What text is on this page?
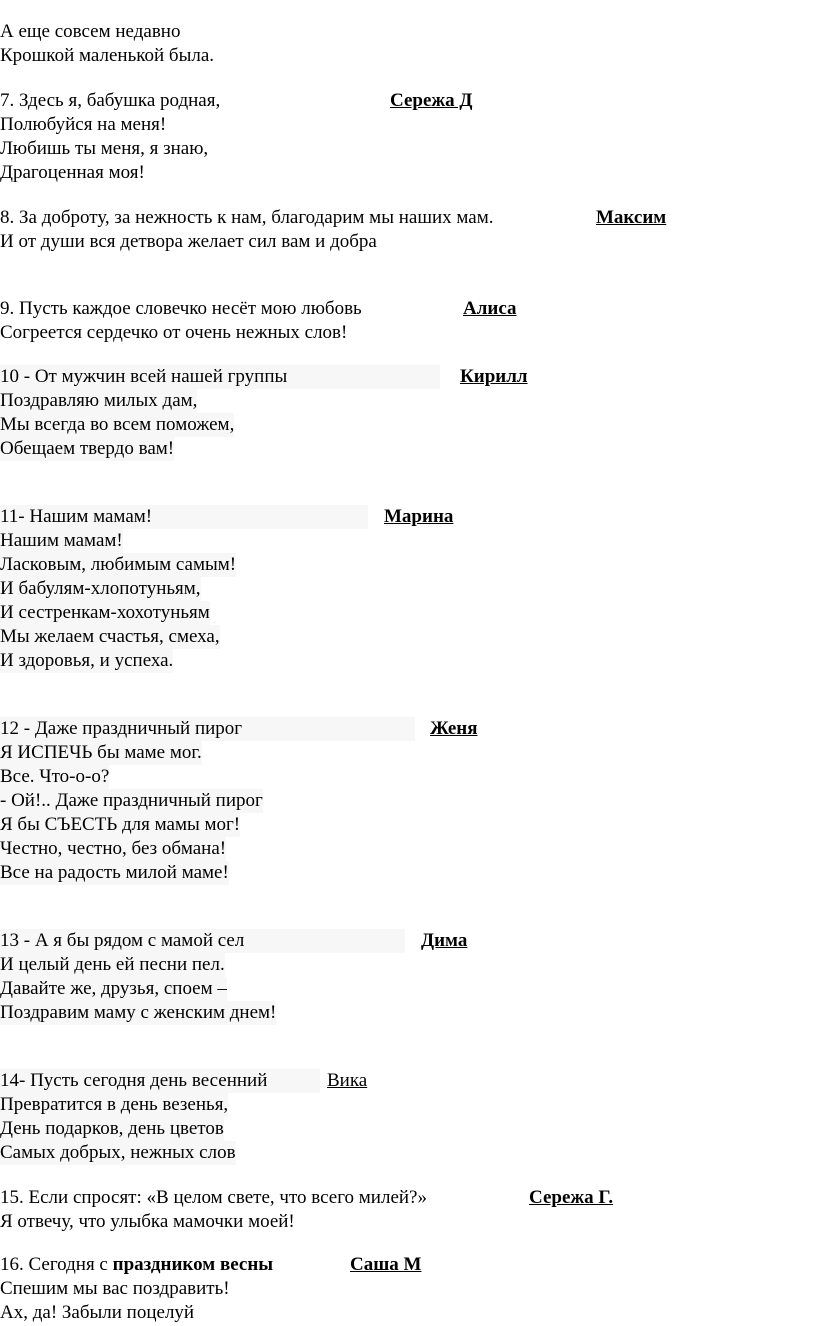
А еще совсем недавно
Крошкой маленькой была.
7. Здесь я, бабушка родная,	Сережа Д
Полюбуйся на меня!
Любишь ты меня, я знаю,
Драгоценная моя!
8. За доброту, за нежность к нам, благодарим мы наших мам.	Максим
И от души вся детвора желает сил вам и добра
9. Пусть каждое словечко несёт мою любовь	Алиса
Согреется сердечко от очень нежных слов!
10 - От мужчин всей нашей группы	Кирилл
Поздравляю милых дам,
Мы всегда во всем поможем,
Обещаем твердо вам!
11- Нашим мамам!	Марина
Нашим мамам!
Ласковым, любимым самым!
И бабулям-хлопотуньям,
И сестренкам-хохотуньям
Мы желаем счастья, смеха,
И здоровья, и успеха.
12 - Даже праздничный пирог	Женя
Я ИСПЕЧЬ бы маме мог.
Все. Что-о-о?
- Ой!.. Даже праздничный пирог
Я бы СЪЕСТЬ для мамы мог!
Честно, честно, без обмана!
Все на радость милой маме!
13 - А я бы рядом с мамой сел	Дима
И целый день ей песни пел.
Давайте же, друзья, споем –
Поздравим маму с женским днем!
14- Пусть сегодня день весенний	Вика
Превратится в день везенья,
День подарков, день цветов
Самых добрых, нежных слов
15. Если спросят: «В целом свете, что всего милей?»	Сережа Г.
Я отвечу, что улыбка мамочки моей!
16. Сегодня с праздником весны	Саша М
Спешим мы вас поздравить!
Ах, да! Забыли поцелуй
